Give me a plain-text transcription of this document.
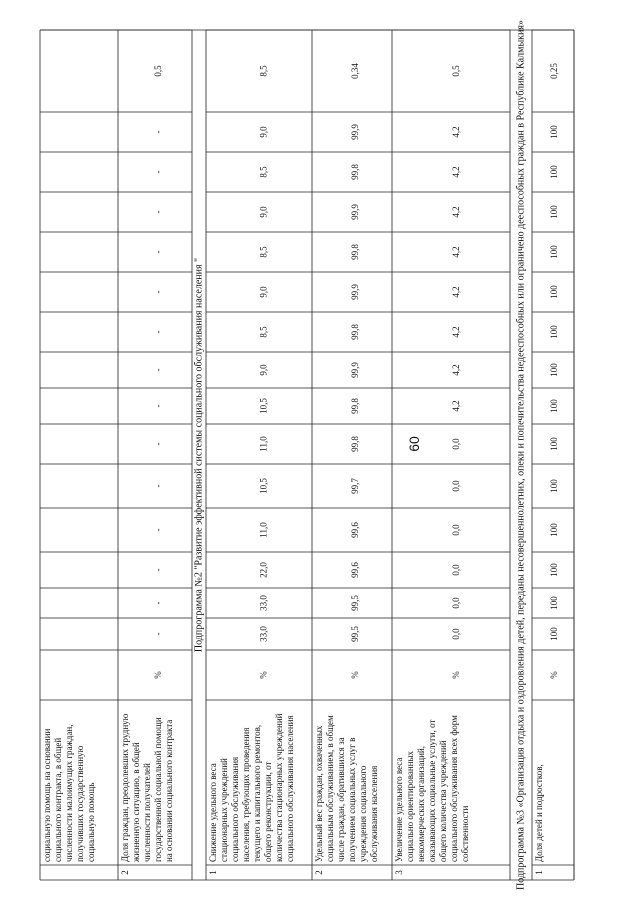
социальную помощь на основании социального контракта, в общей численности малоимущих граждан, получивших государственную социальную помощь
2
Доля граждан, преодолевших трудную жизненную ситуацию, в общей численности получателей государственной социальной помощи на основании социального контракта
%
-
-
-
-
-
-
-
-
-
-
-
-
-
-
0,5
Подпрограмма №2 "Развитие эффективной системы социального обслуживания населения "
1
Снижение удельного веса стационарных учреждений социального обслуживания населения, требующих проведения текущего и капитального ремонтов, общего реконструкции, от количества стационарных учреждений социального обслуживания населения
%
33,0
33,0
22,0
11,0
10,5
11,0
10,5
9,0
8,5
9,0
8,5
9,0
8,5
9,0
8,5
2
Удельный вес граждан, охваченных социальным обслуживанием, в общем числе граждан, обратившихся за получением социальных услуг в учреждения социального обслуживания населения
%
99,5
99,5
99,6
99,6
99,7
99,8
99,8
99,9
99,8
99,9
99,8
99,9
99,8
99,9
0,34
3
Увеличение удельного веса социально ориентированных некоммерческих организаций, оказывающих социальные услуги, от общего количества учреждений социального обслуживания всех форм собственности
%
0,0
0,0
0,0
0,0
0,0
0,0
4,2
4,2
4,2
4,2
4,2
4,2
4,2
4,2
0,5	Подпрограмма №3 «Организация отдыха и оздоровления детей, переданы несовершеннолетних, опеки и попечительства недееспособных или ограничено дееспособных граждан в Республике Калмыкия» 1
Доля детей и подростков,
%
100
100
100
100
100
100
100
100
100
100
100
100
100
100
0,25
60
